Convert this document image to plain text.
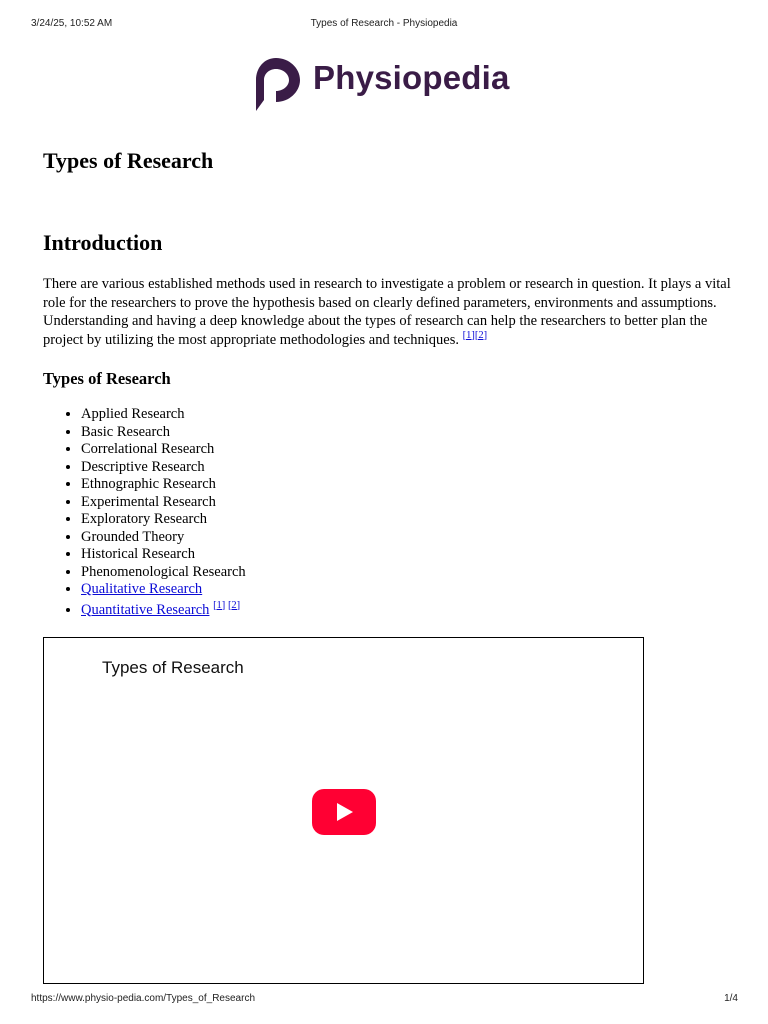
3/24/25, 10:52 AM	Types of Research - Physiopedia
Physiopedia
Types of Research
Introduction

There are various established methods used in research to investigate a problem or research in question. It plays a vital role for the researchers to prove the hypothesis based on clearly defined parameters, environments and assumptions. Understanding and having a deep knowledge about the types of research can help the researchers to better plan the project by utilizing the most appropriate methodologies and techniques. [1][2]

Types of Research
• Applied Research
• Basic Research
• Correlational Research
• Descriptive Research
• Ethnographic Research
• Experimental Research
• Exploratory Research
• Grounded Theory
• Historical Research
• Phenomenological Research
• Qualitative Research
• Quantitative Research [1] [2]
Types of Research
https://www.physio-pedia.com/Types_of_Research	1/4
